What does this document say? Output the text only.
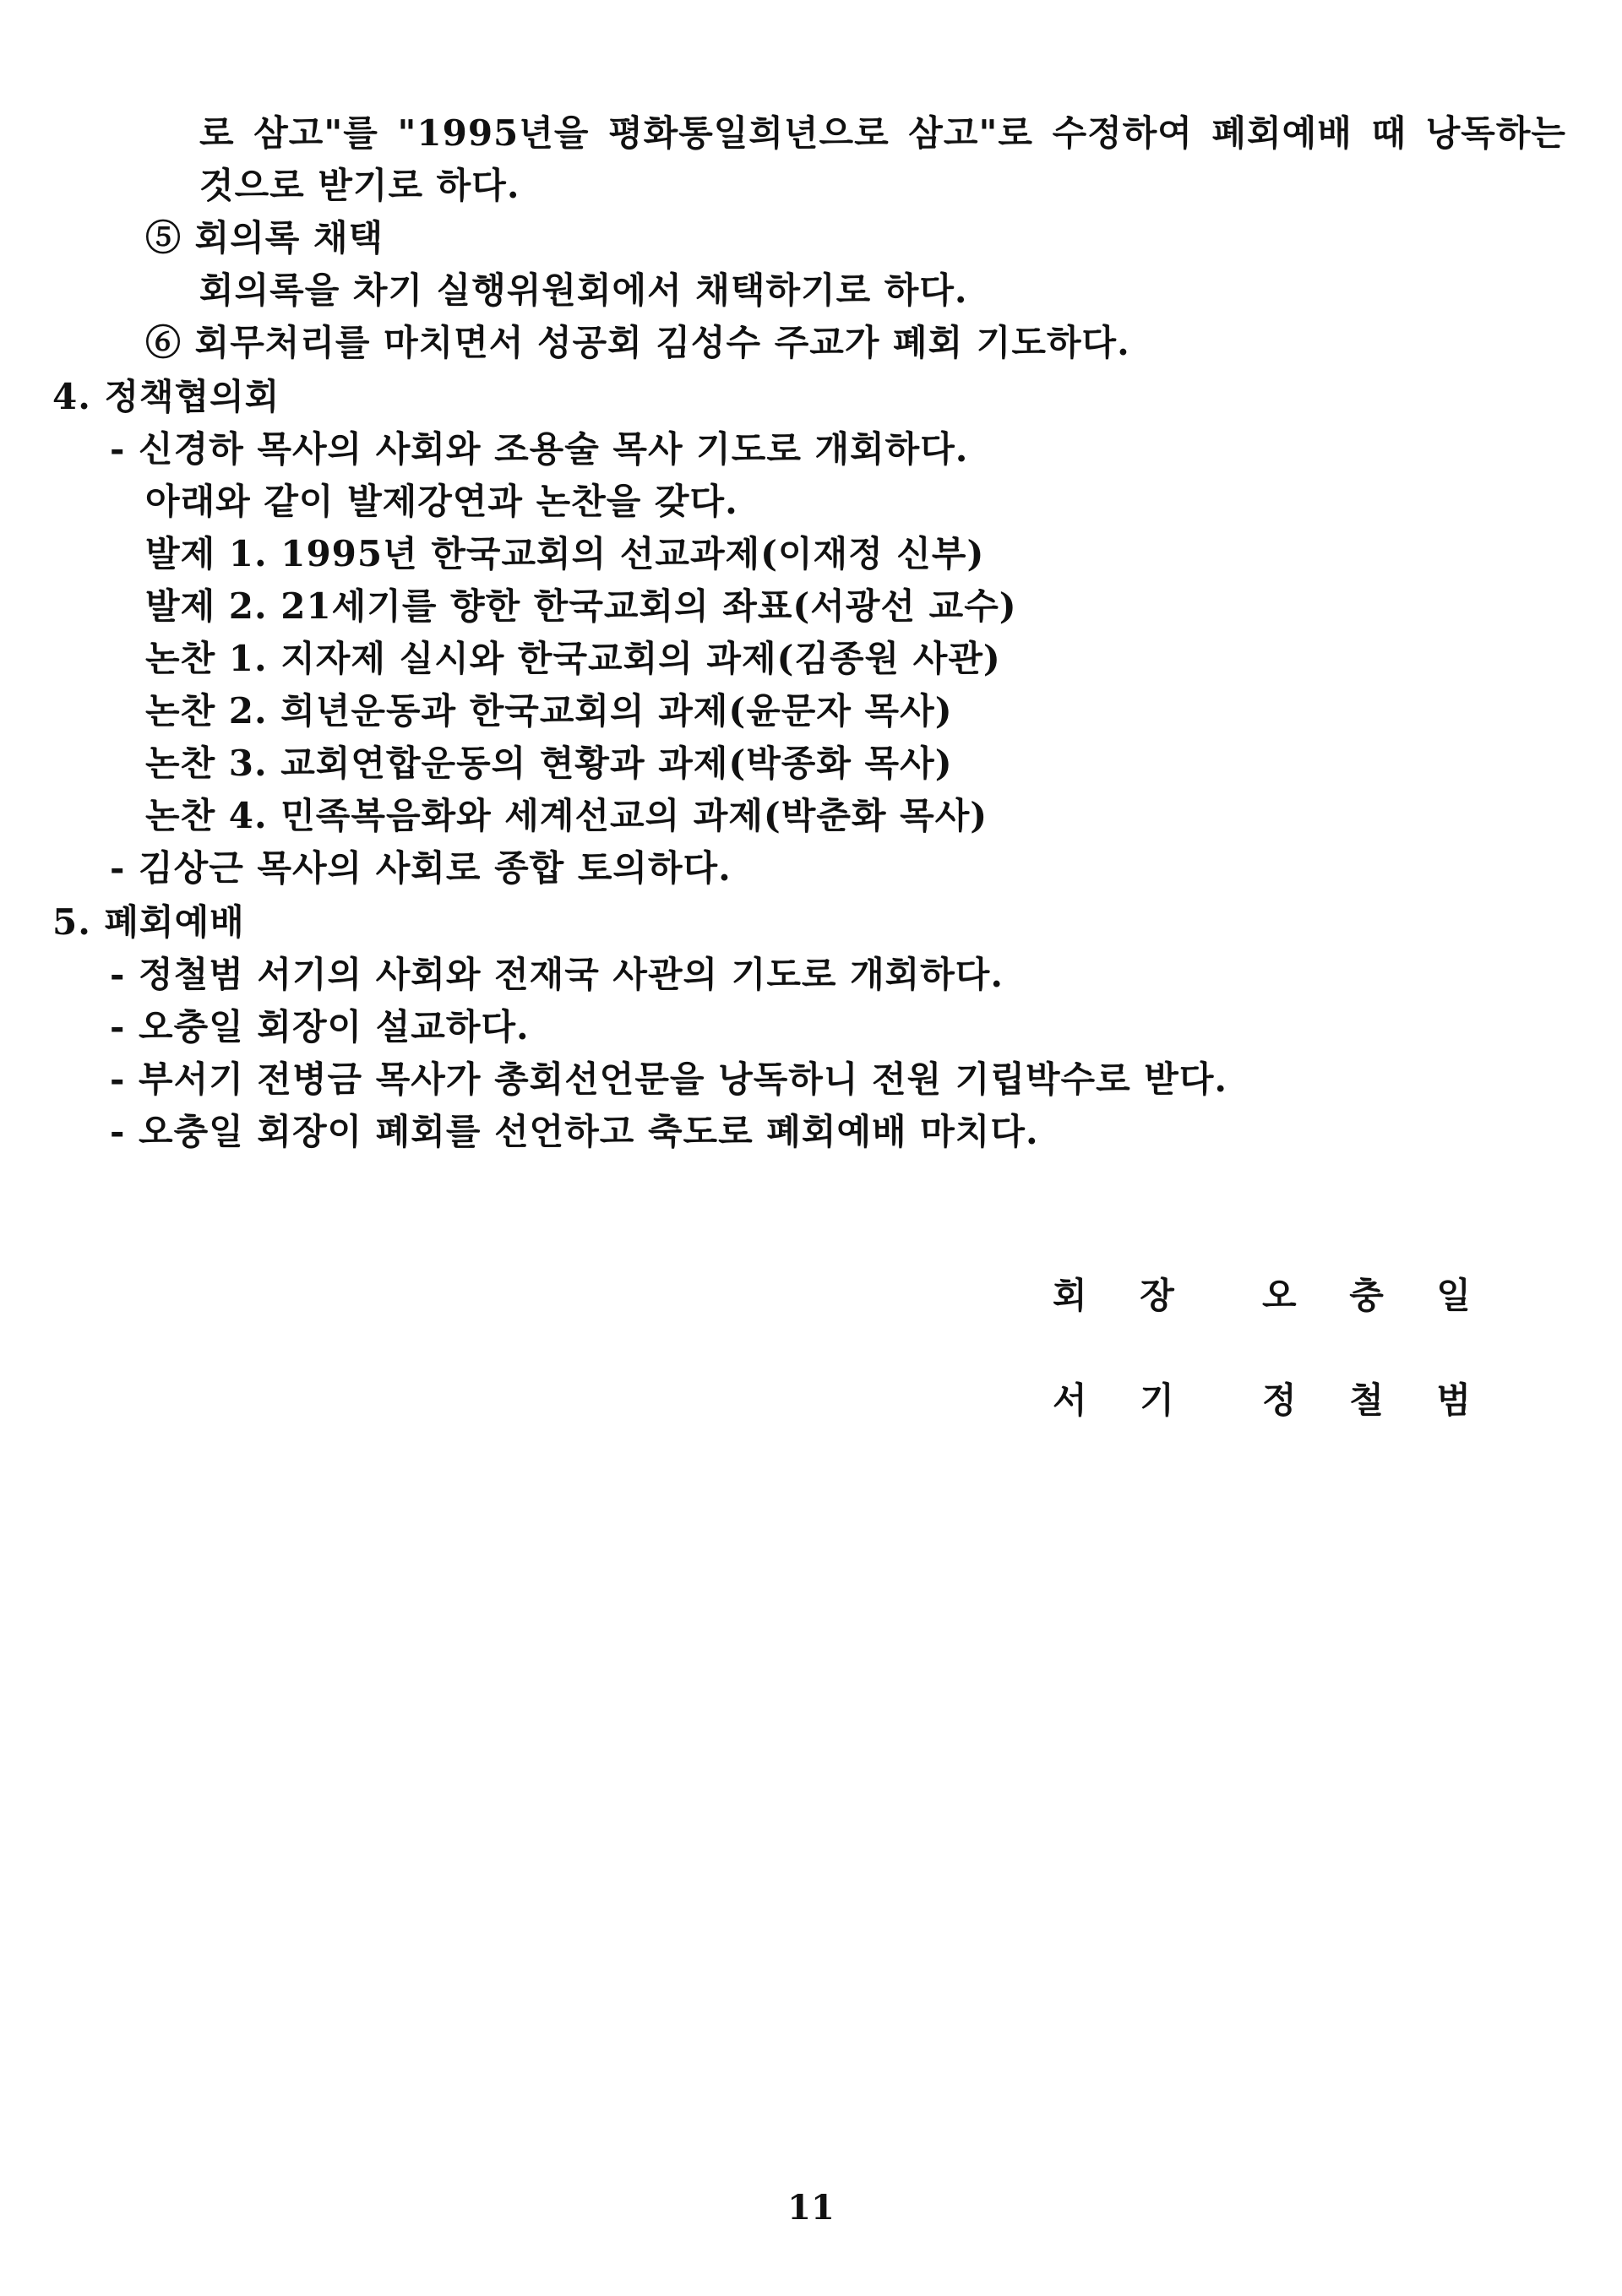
로 삼고"를 "1995년을 평화통일희년으로 삼고"로 수정하여 폐회예배 때 낭독하는
것으로 받기로 하다.
⑤ 회의록 채택
회의록을 차기 실행위원회에서 채택하기로 하다.
⑥ 회무처리를 마치면서 성공회 김성수 주교가 폐회 기도하다.
4. 정책협의회
- 신경하 목사의 사회와 조용술 목사 기도로 개회하다.
아래와 같이 발제강연과 논찬을 갖다.
발제 1. 1995년 한국교회의 선교과제(이재정 신부)
발제 2. 21세기를 향한 한국교회의 좌표(서광선 교수)
논찬 1. 지자제 실시와 한국교회의 과제(김종원 사관)
논찬 2. 희년운동과 한국교회의 과제(윤문자 목사)
논찬 3. 교회연합운동의 현황과 과제(박종화 목사)
논찬 4. 민족복음화와 세계선교의 과제(박춘화 목사)
- 김상근 목사의 사회로 종합 토의하다.
5. 폐회예배
- 정철범 서기의 사회와 전재국 사관의 기도로 개회하다.
- 오충일 회장이 설교하다.
- 부서기 전병금 목사가 총회선언문을 낭독하니 전원 기립박수로 받다.
- 오충일 회장이 폐회를 선언하고 축도로 폐회예배 마치다.
회 장 오 충 일
서 기 정 철 범
11
